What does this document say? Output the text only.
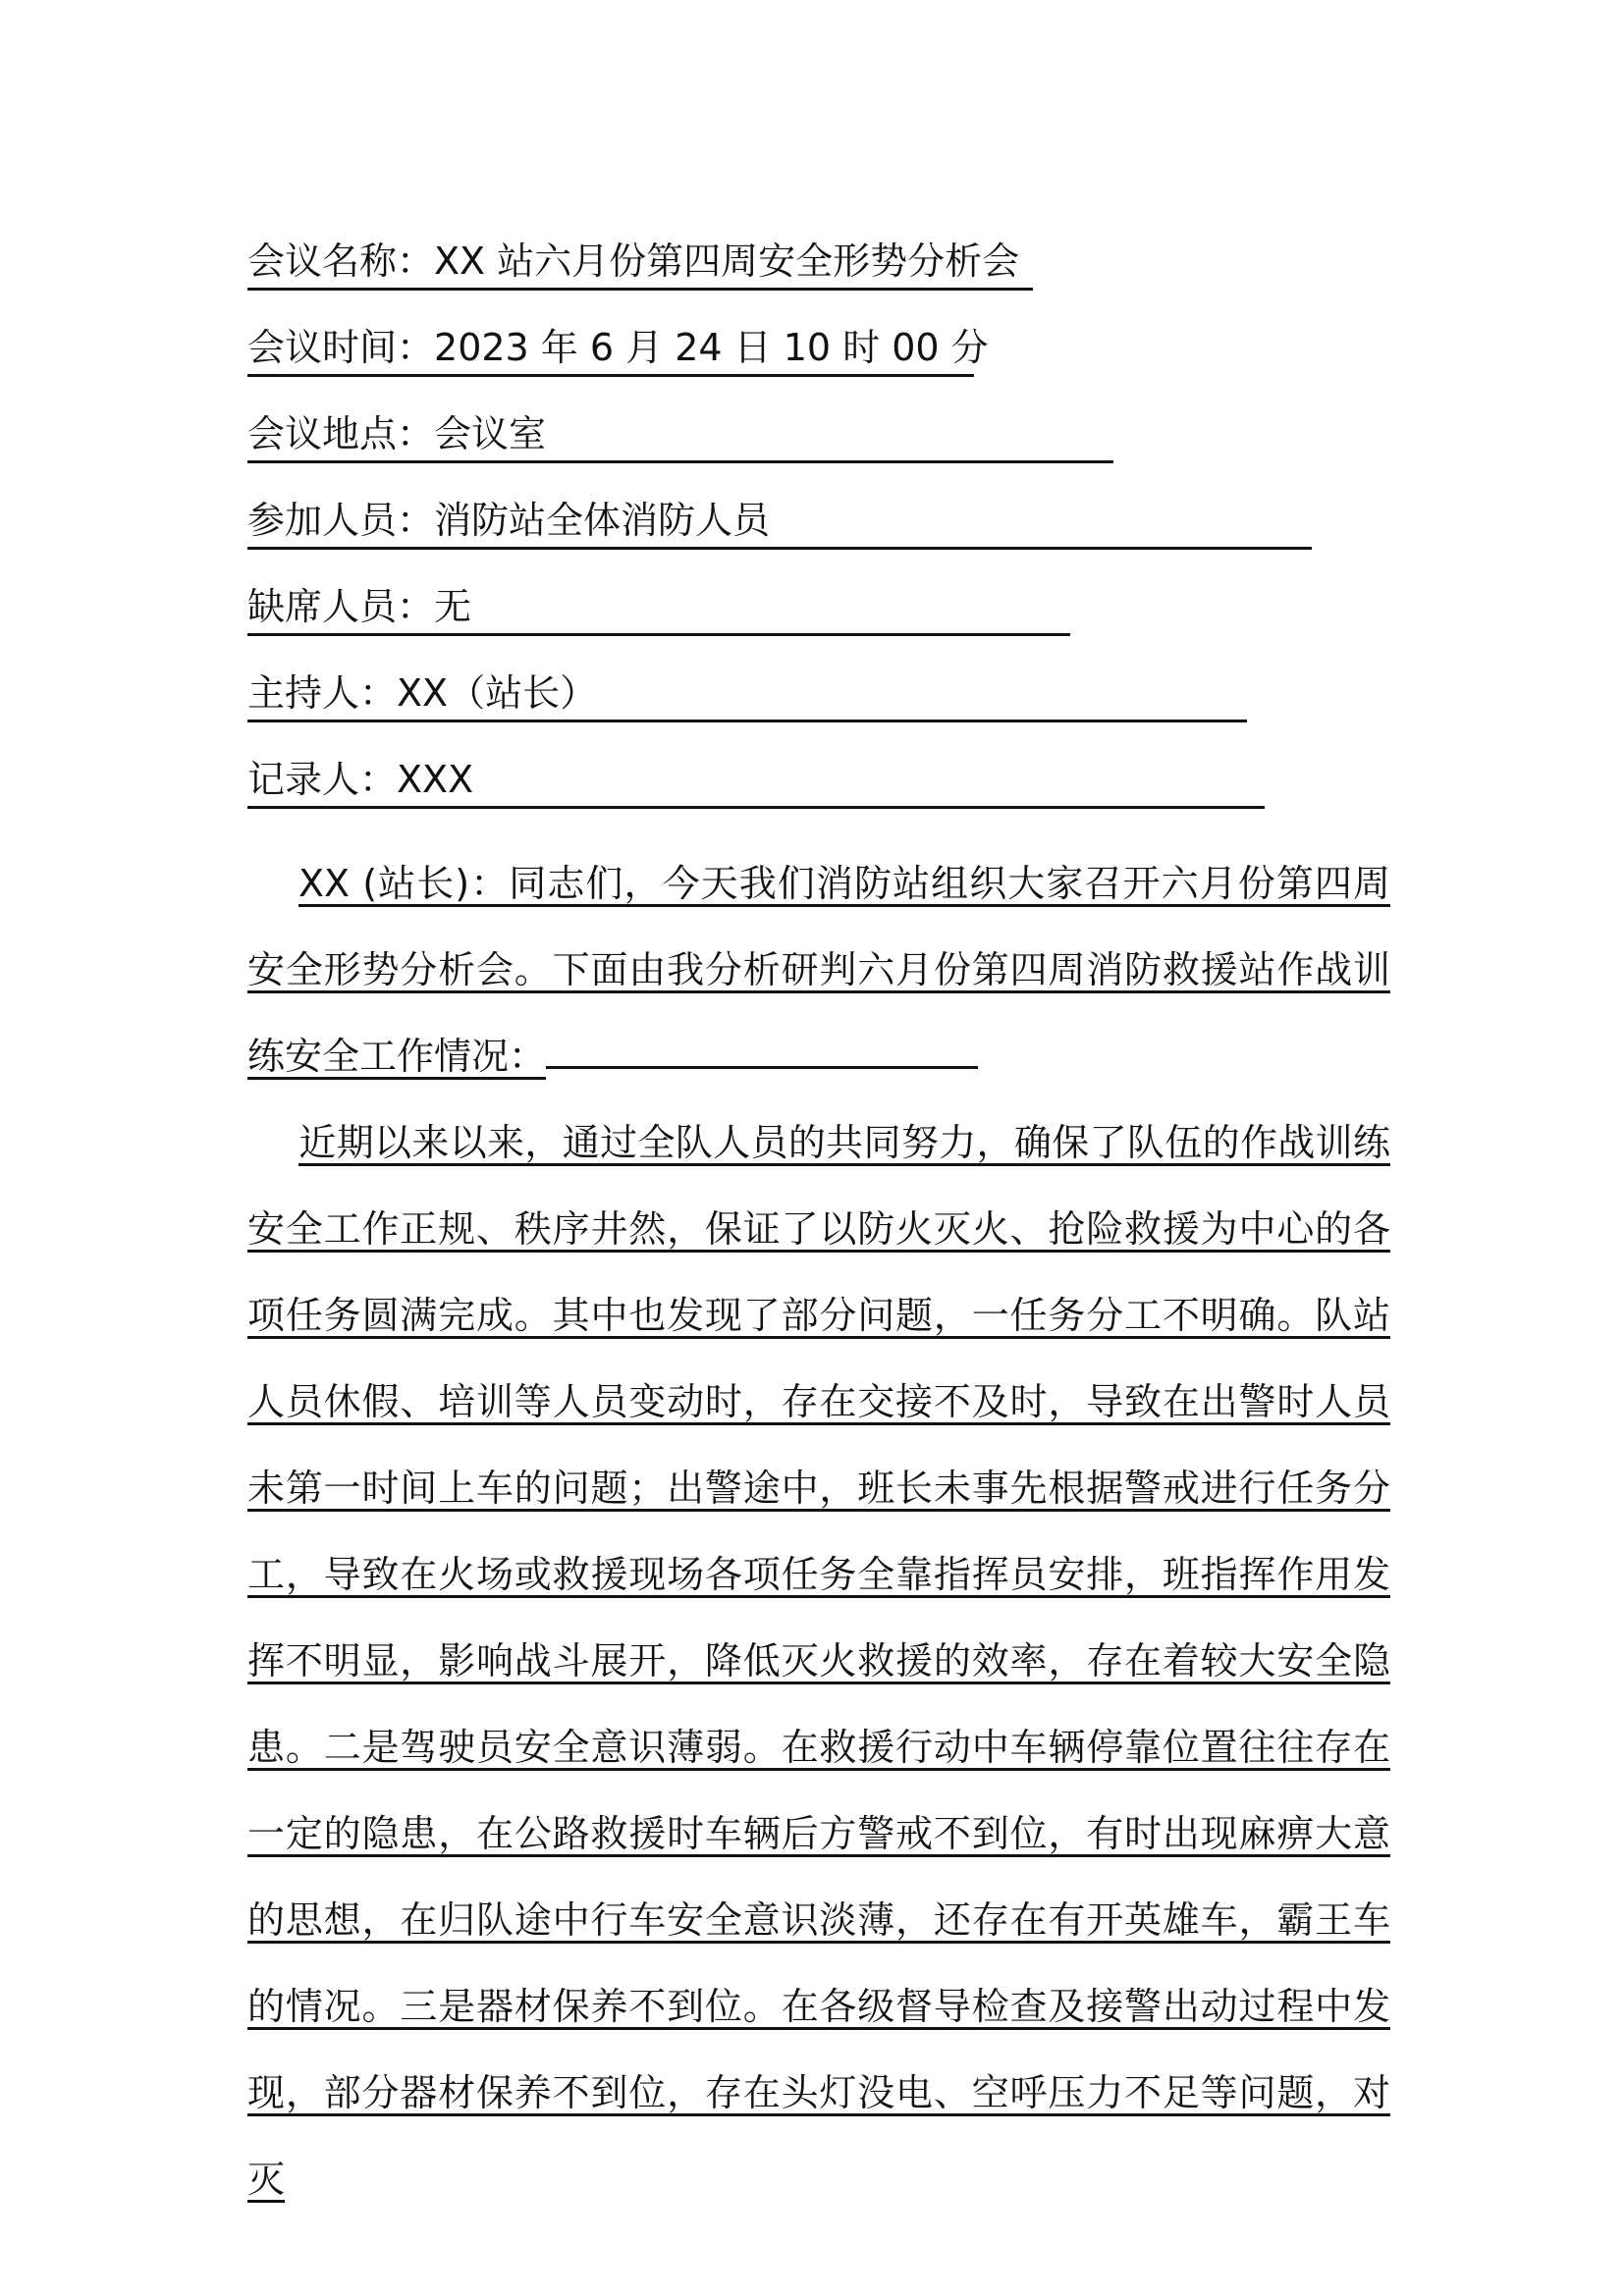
会议名称：XX 站六月份第四周安全形势分析会
会议时间：2023 年 6 月 24 日 10 时 00 分
会议地点：会议室
参加人员：消防站全体消防人员
缺席人员：无
主持人：XX（站长）
记录人：XXX

XX (站长)：同志们，今天我们消防站组织大家召开六月份第四周安全形势分析会。下面由我分析研判六月份第四周消防救援站作战训练安全工作情况：

近期以来以来，通过全队人员的共同努力，确保了队伍的作战训练安全工作正规、秩序井然，保证了以防火灭火、抢险救援为中心的各项任务圆满完成。其中也发现了部分问题，一任务分工不明确。队站人员休假、培训等人员变动时，存在交接不及时，导致在出警时人员未第一时间上车的问题；出警途中，班长未事先根据警戒进行任务分工，导致在火场或救援现场各项任务全靠指挥员安排，班指挥作用发挥不明显，影响战斗展开，降低灭火救援的效率，存在着较大安全隐患。二是驾驶员安全意识薄弱。在救援行动中车辆停靠位置往往存在一定的隐患，在公路救援时车辆后方警戒不到位，有时出现麻痹大意的思想，在归队途中行车安全意识淡薄，还存在有开英雄车，霸王车的情况。三是器材保养不到位。在各级督导检查及接警出动过程中发现，部分器材保养不到位，存在头灯没电、空呼压力不足等问题，对灭
